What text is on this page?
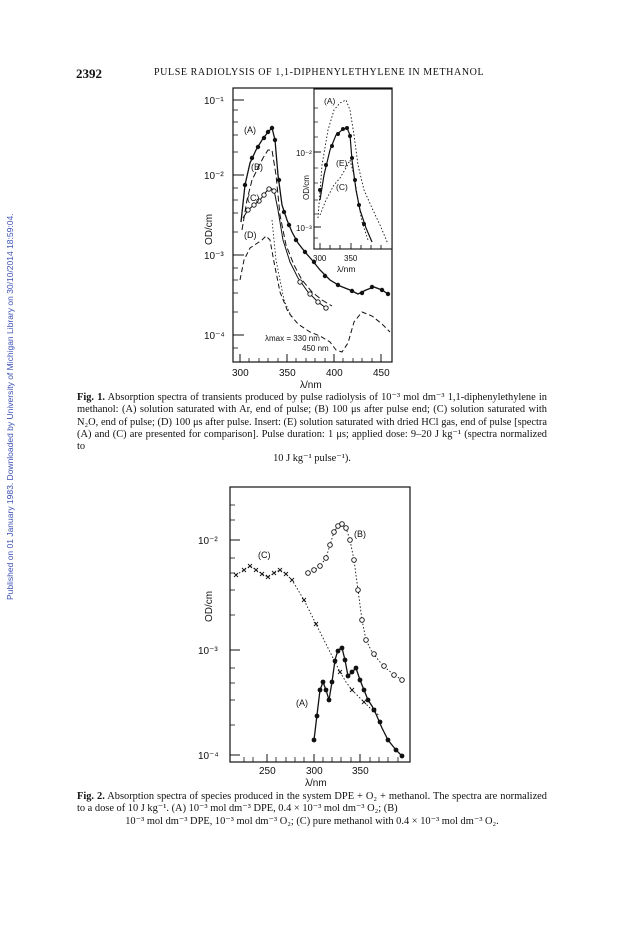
2392	PULSE RADIOLYSIS OF 1,1-DIPHENYLETHYLENE IN METHANOL
Published on 01 January 1983. Downloaded by University of Michigan Library on 30/10/2014 18:59:04.
10⁻¹
10⁻²
10⁻³
10⁻⁴
OD/cm
300	350	400	450
λ/nm
(A)
(B)
(C)
(D)
λmax = 330 nm
450 nm
10⁻²
10⁻³
OD/cm
300 350
λ/nm
(A)
(E)
(C)
10⁻²
10⁻³
10⁻⁴
OD/cm
250	300	350
λ/nm
(A)
(B)
(C)
Fig. 1. Absorption spectra of transients produced by pulse radiolysis of 10⁻³ mol dm⁻³ 1,1-diphenylethylene in methanol: (A) solution saturated with Ar, end of pulse; (B) 100 μs after pulse end; (C) solution saturated with N₂O, end of pulse; (D) 100 μs after pulse. Insert: (E) solution saturated with dried HCl gas, end of pulse [spectra (A) and (C) are presented for comparison]. Pulse duration: 1 μs; applied dose: 9–20 J kg⁻¹ (spectra normalized to
10 J kg⁻¹ pulse⁻¹).
Fig. 2. Absorption spectra of species produced in the system DPE + O₂ + methanol. The spectra are normalized to a dose of 10 J kg⁻¹. (A) 10⁻³ mol dm⁻³ DPE, 0.4 × 10⁻³ mol dm⁻³ O₂; (B)
10⁻³ mol dm⁻³ DPE, 10⁻³ mol dm⁻³ O₂; (C) pure methanol with 0.4 × 10⁻³ mol dm⁻³ O₂.
